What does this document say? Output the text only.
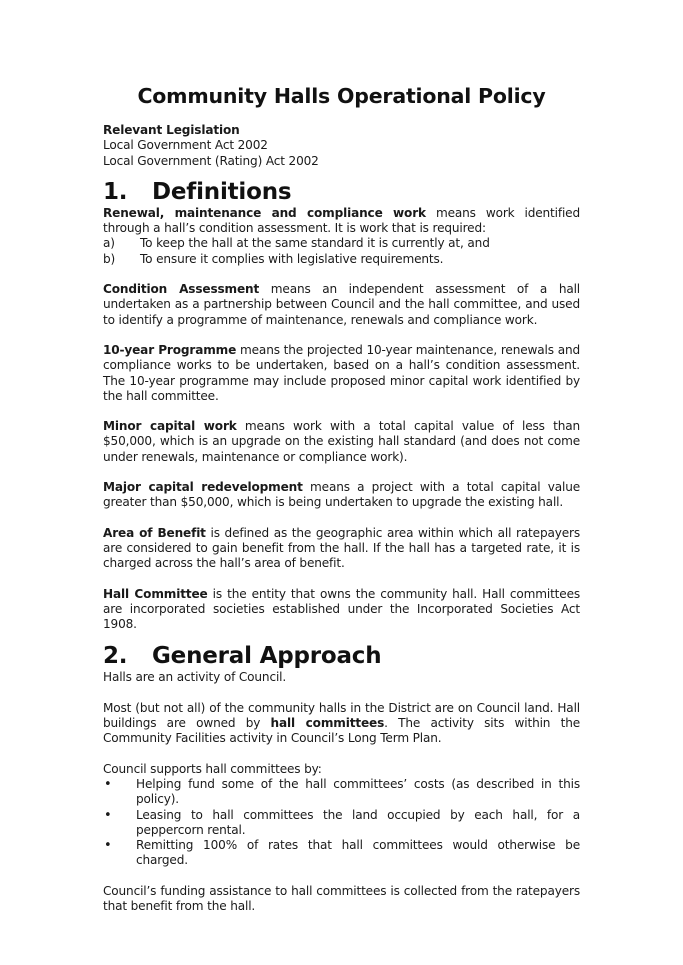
Community Halls Operational Policy
Relevant Legislation
Local Government Act 2002
Local Government (Rating) Act 2002
1.	Definitions

Renewal, maintenance and compliance work means work identified through a hall’s condition assessment. It is work that is required:

a)	To keep the hall at the same standard it is currently at, and
b)	To ensure it complies with legislative requirements.

Condition Assessment means an independent assessment of a hall undertaken as a partnership between Council and the hall committee, and used to identify a programme of maintenance, renewals and compliance work.

10-year Programme means the projected 10-year maintenance, renewals and compliance works to be undertaken, based on a hall’s condition assessment. The 10-year programme may include proposed minor capital work identified by the hall committee.

Minor capital work means work with a total capital value of less than $50,000, which is an upgrade on the existing hall standard (and does not come under renewals, maintenance or compliance work).

Major capital redevelopment means a project with a total capital value greater than $50,000, which is being undertaken to upgrade the existing hall.

Area of Benefit is defined as the geographic area within which all ratepayers are considered to gain benefit from the hall. If the hall has a targeted rate, it is charged across the hall’s area of benefit.

Hall Committee is the entity that owns the community hall. Hall committees are incorporated societies established under the Incorporated Societies Act 1908.

2.	General Approach

Halls are an activity of Council.

Most (but not all) of the community halls in the District are on Council land. Hall buildings are owned by hall committees. The activity sits within the Community Facilities activity in Council’s Long Term Plan.

Council supports hall committees by:

•	Helping fund some of the hall committees’ costs (as described in this policy).
•	Leasing to hall committees the land occupied by each hall, for a peppercorn rental.
•	Remitting 100% of rates that hall committees would otherwise be charged.

Council’s funding assistance to hall committees is collected from the ratepayers that benefit from the hall.
